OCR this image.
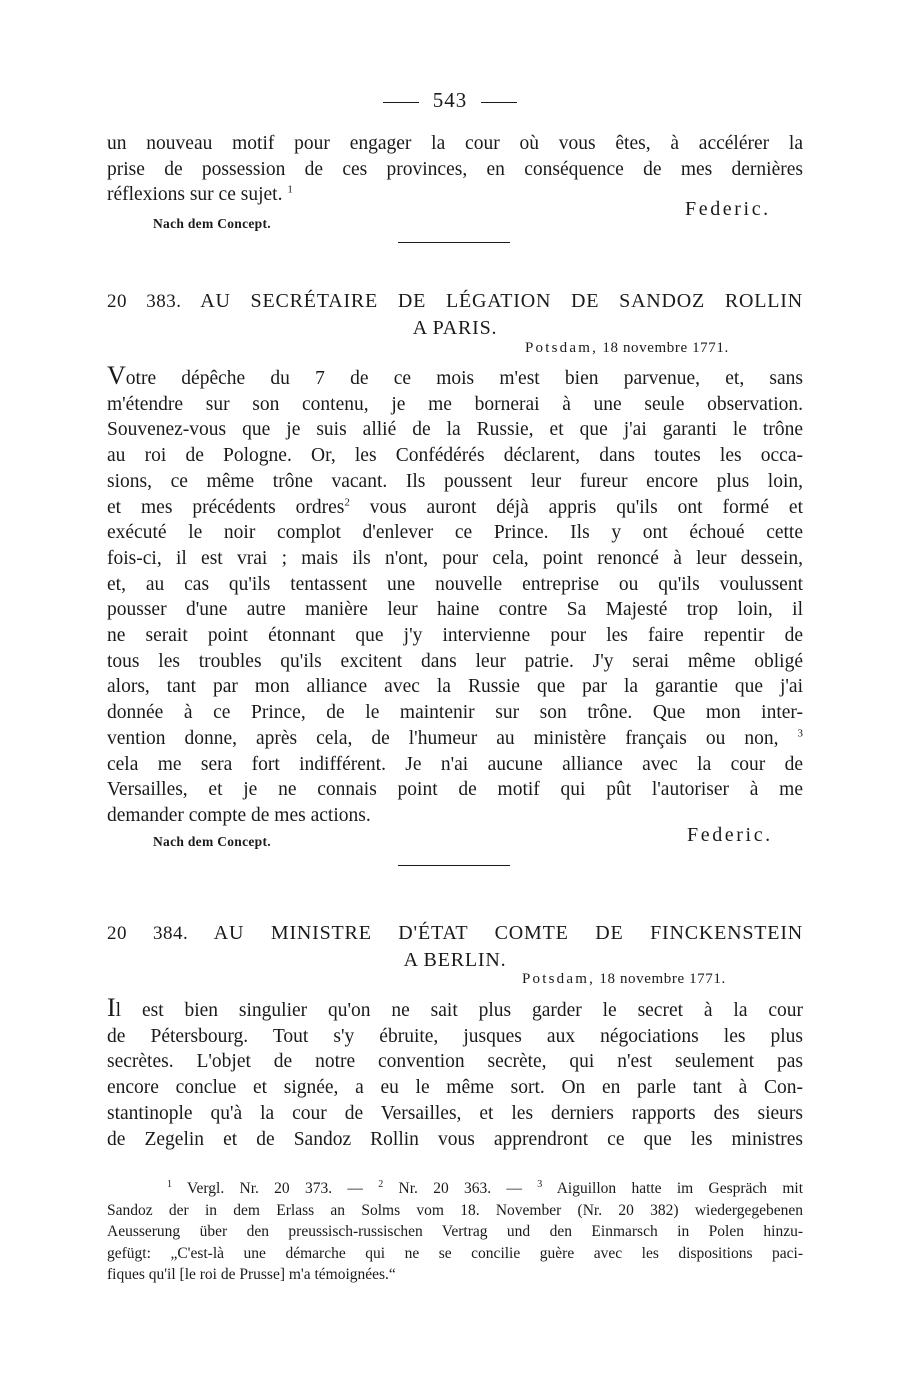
543
un nouveau motif pour engager la cour où vous êtes, à accélérer la
prise de possession de ces provinces, en conséquence de mes dernières
réflexions sur ce sujet. $^1$
Federic.
Nach dem Concept.
20 383. AU SECRÉTAIRE DE LÉGATION DE SANDOZ ROLLIN
A PARIS.
Potsdam, 18 novembre 1771.
Votre dépêche du 7 de ce mois m'est bien parvenue, et, sans
m'étendre sur son contenu, je me bornerai à une seule observation.
Souvenez-vous que je suis allié de la Russie, et que j'ai garanti le trône
au roi de Pologne. Or, les Confédérés déclarent, dans toutes les occa-
sions, ce même trône vacant. Ils poussent leur fureur encore plus loin,
et mes précédents ordres$^2$ vous auront déjà appris qu'ils ont formé et
exécuté le noir complot d'enlever ce Prince. Ils y ont échoué cette
fois-ci, il est vrai ; mais ils n'ont, pour cela, point renoncé à leur dessein,
et, au cas qu'ils tentassent une nouvelle entreprise ou qu'ils voulussent
pousser d'une autre manière leur haine contre Sa Majesté trop loin, il
ne serait point étonnant que j'y intervienne pour les faire repentir de
tous les troubles qu'ils excitent dans leur patrie. J'y serai même obligé
alors, tant par mon alliance avec la Russie que par la garantie que j'ai
donnée à ce Prince, de le maintenir sur son trône. Que mon inter-
vention donne, après cela, de l'humeur au ministère français ou non, $^3$
cela me sera fort indifférent. Je n'ai aucune alliance avec la cour de
Versailles, et je ne connais point de motif qui pût l'autoriser à me
demander compte de mes actions.
Federic.
Nach dem Concept.
20 384. AU MINISTRE D'ÉTAT COMTE DE FINCKENSTEIN
A BERLIN.
Potsdam, 18 novembre 1771.
Il est bien singulier qu'on ne sait plus garder le secret à la cour
de Pétersbourg. Tout s'y ébruite, jusques aux négociations les plus
secrètes. L'objet de notre convention secrète, qui n'est seulement pas
encore conclue et signée, a eu le même sort. On en parle tant à Con-
stantinople qu'à la cour de Versailles, et les derniers rapports des sieurs
de Zegelin et de Sandoz Rollin vous apprendront ce que les ministres
$^1$ Vergl. Nr. 20 373. — $^2$ Nr. 20 363. — $^3$ Aiguillon hatte im Gespräch mit
Sandoz der in dem Erlass an Solms vom 18. November (Nr. 20 382) wiedergegebenen
Aeusserung über den preussisch-russischen Vertrag und den Einmarsch in Polen hinzu-
gefügt: „C'est-là une démarche qui ne se concilie guère avec les dispositions paci-
fiques qu'il [le roi de Prusse] m'a témoignées.“
